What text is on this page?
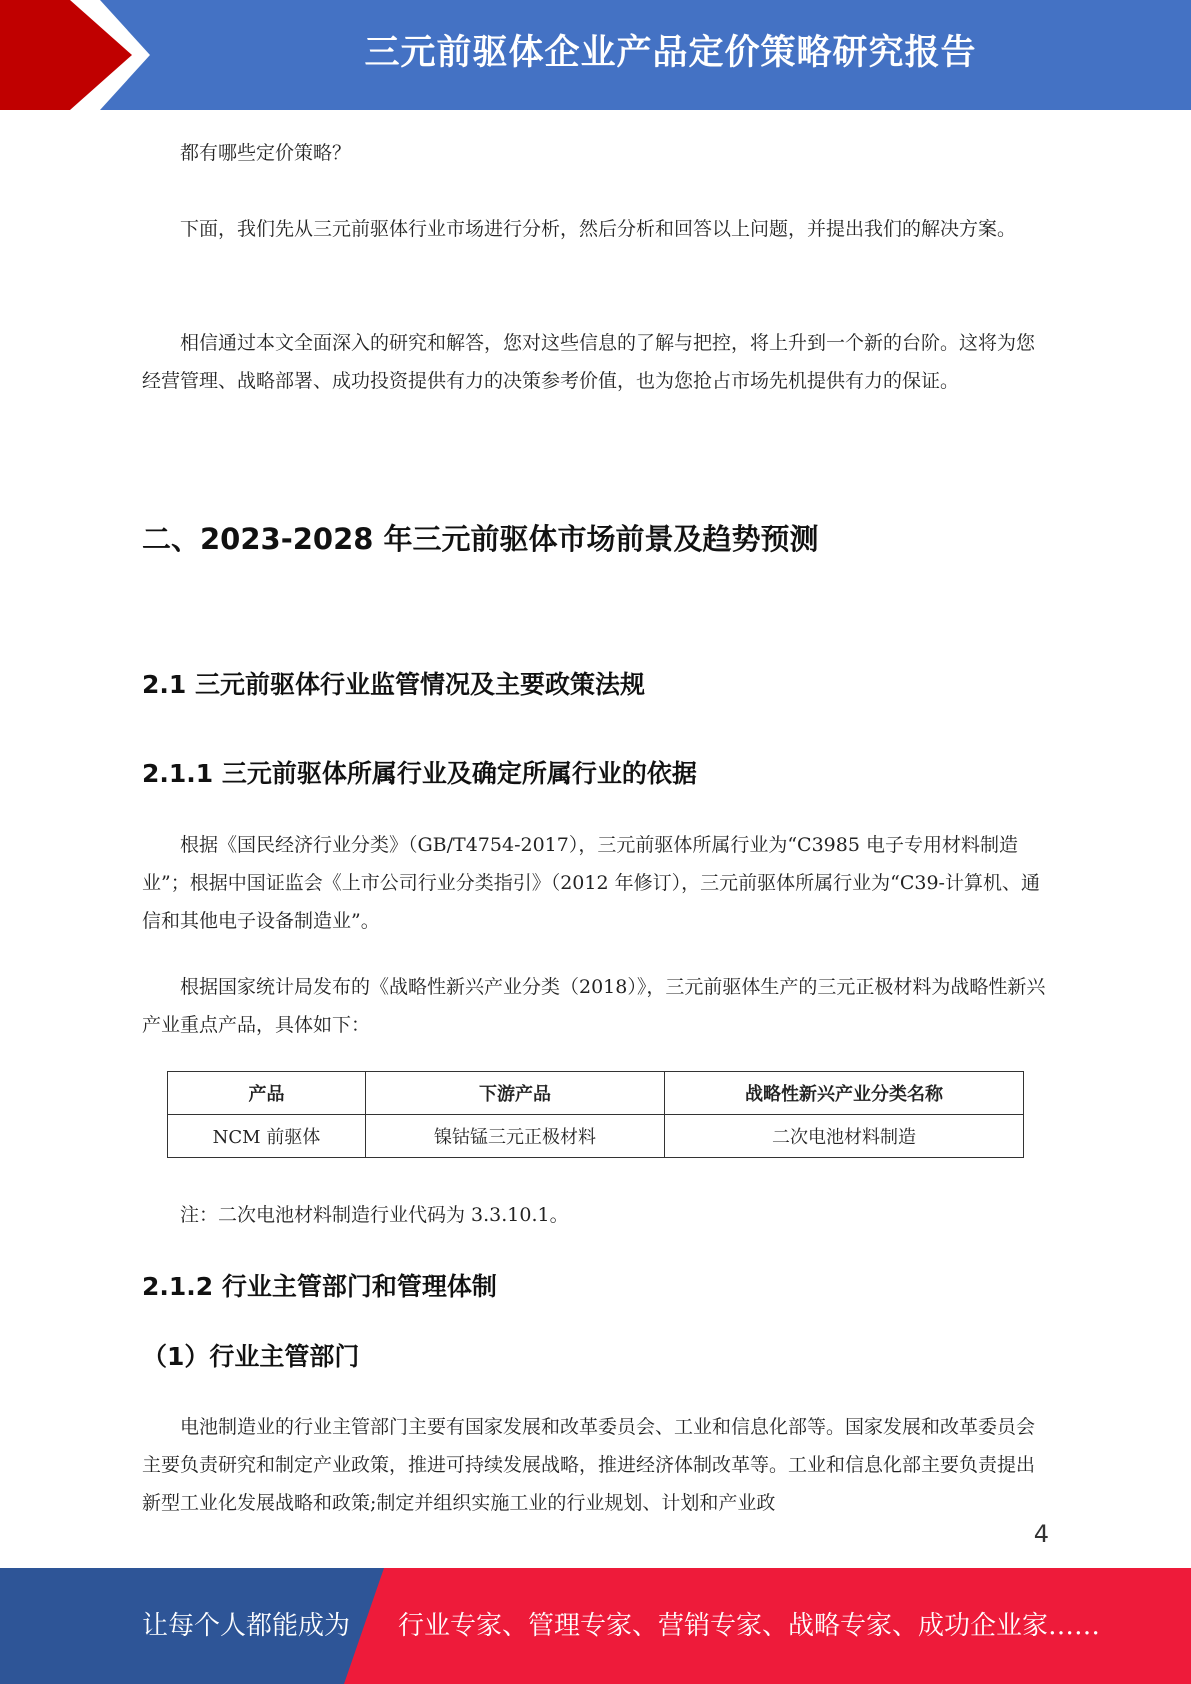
三元前驱体企业产品定价策略研究报告

都有哪些定价策略？

下面，我们先从三元前驱体行业市场进行分析，然后分析和回答以上问题，并提出我们的解决方案。

相信通过本文全面深入的研究和解答，您对这些信息的了解与把控，将上升到一个新的台阶。这将为您经营管理、战略部署、成功投资提供有力的决策参考价值，也为您抢占市场先机提供有力的保证。

二、2023-2028 年三元前驱体市场前景及趋势预测
2.1 三元前驱体行业监管情况及主要政策法规
2.1.1 三元前驱体所属行业及确定所属行业的依据

根据《国民经济行业分类》（GB/T4754-2017），三元前驱体所属行业为“C3985 电子专用材料制造业”；根据中国证监会《上市公司行业分类指引》（2012 年修订），三元前驱体所属行业为“C39-计算机、通信和其他电子设备制造业”。

根据国家统计局发布的《战略性新兴产业分类（2018）》，三元前驱体生产的三元正极材料为战略性新兴产业重点产品，具体如下：

产品	下游产品	战略性新兴产业分类名称
NCM 前驱体	镍钴锰三元正极材料	二次电池材料制造

注：二次电池材料制造行业代码为 3.3.10.1。

2.1.2 行业主管部门和管理体制
（1）行业主管部门

电池制造业的行业主管部门主要有国家发展和改革委员会、工业和信息化部等。国家发展和改革委员会主要负责研究和制定产业政策，推进可持续发展战略，推进经济体制改革等。工业和信息化部主要负责提出新型工业化发展战略和政策;制定并组织实施工业的行业规划、计划和产业政

4
让每个人都能成为 行业专家、管理专家、营销专家、战略专家、成功企业家……
